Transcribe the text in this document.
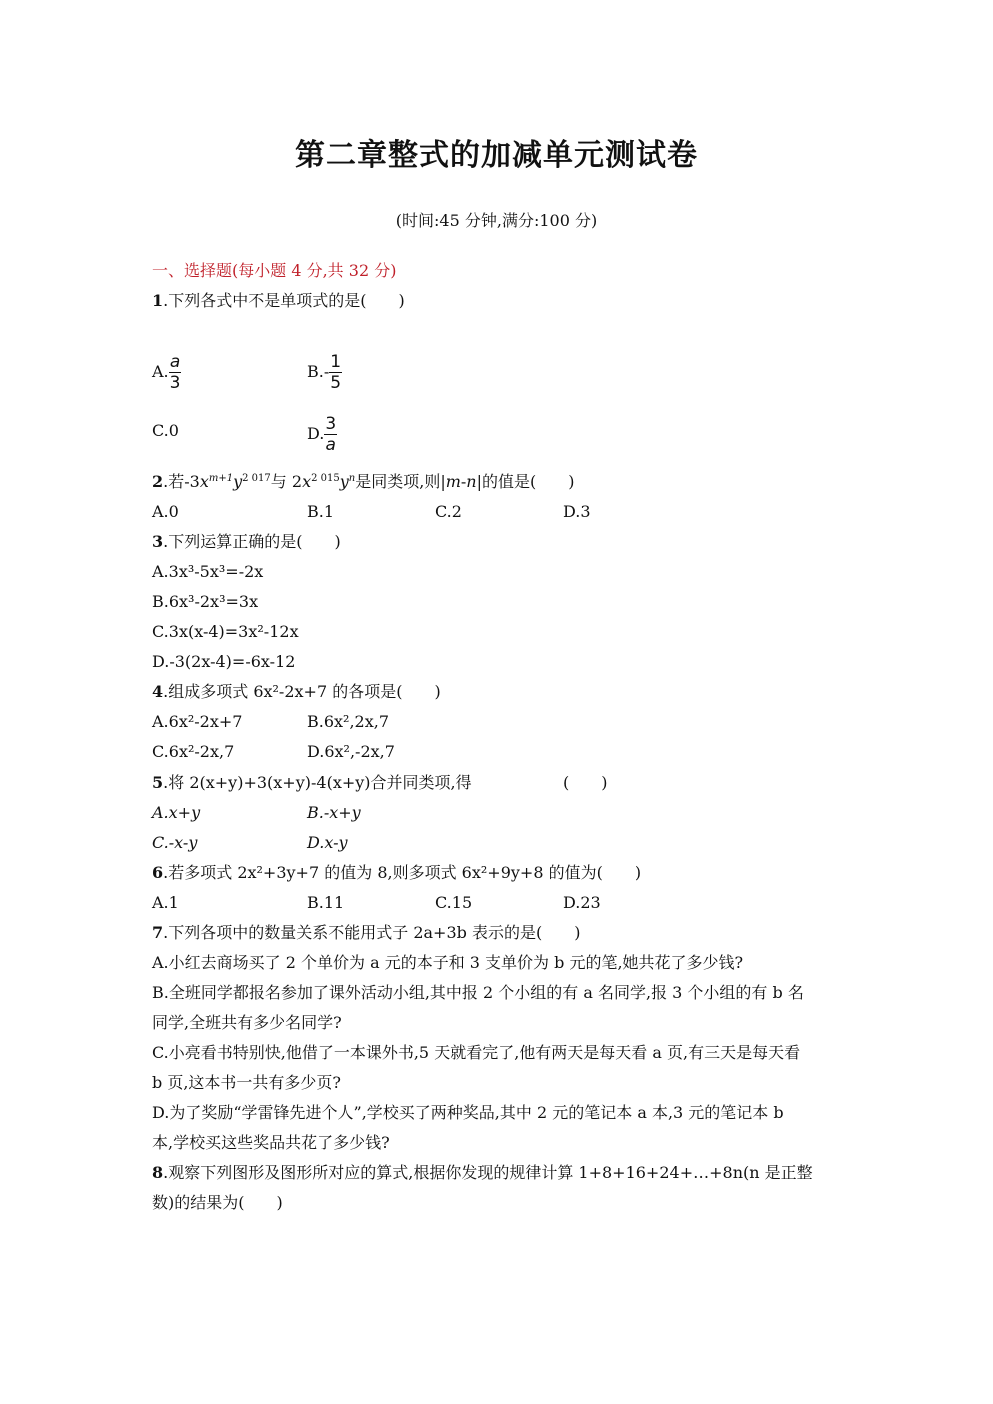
第二章整式的加减单元测试卷
(时间:45 分钟,满分:100 分)
一、选择题(每小题 4 分,共 32 分)
1.下列各式中不是单项式的是(　　)
A. $\frac{a}{3}$	$B.- \frac{1}{5}$
C.0	D. $\frac{3}{a}$
2.若$-3x^{m+1}y^{2 017}$与 $2x^{2 015}y^n$是同类项,则|m-n|的值是(　　)
A.0	B.1	C.2	D.3
3.下列运算正确的是(　　)
A.3x³-5x³=-2x
B.6x³-2x³=3x
C.3x(x-4)=3x²-12x
D.-3(2x-4)=-6x-12
4.组成多项式 6x²-2x+7 的各项是(　　)
A.6x²-2x+7	B.6x²,2x,7
C.6x²-2x,7	D.6x²,-2x,7
5.将 2(x+y)+3(x+y)-4(x+y)合并同类项,得	(　　)
A.x+y	B.-x+y
C.-x-y	D.x-y
6.若多项式 2x²+3y+7 的值为 8,则多项式 6x²+9y+8 的值为(　　)
A.1	B.11	C.15	D.23
7.下列各项中的数量关系不能用式子 2a+3b 表示的是(　　)
A.小红去商场买了 2 个单价为 a 元的本子和 3 支单价为 b 元的笔,她共花了多少钱?
B.全班同学都报名参加了课外活动小组,其中报 2 个小组的有 a 名同学,报 3 个小组的有 b 名
同学,全班共有多少名同学?
C.小亮看书特别快,他借了一本课外书,5 天就看完了,他有两天是每天看 a 页,有三天是每天看
b 页,这本书一共有多少页?
D.为了奖励“学雷锋先进个人”,学校买了两种奖品,其中 2 元的笔记本 a 本,3 元的笔记本 b
本,学校买这些奖品共花了多少钱?
8.观察下列图形及图形所对应的算式,根据你发现的规律计算 1+8+16+24+…+8n(n 是正整
数)的结果为(　　)
